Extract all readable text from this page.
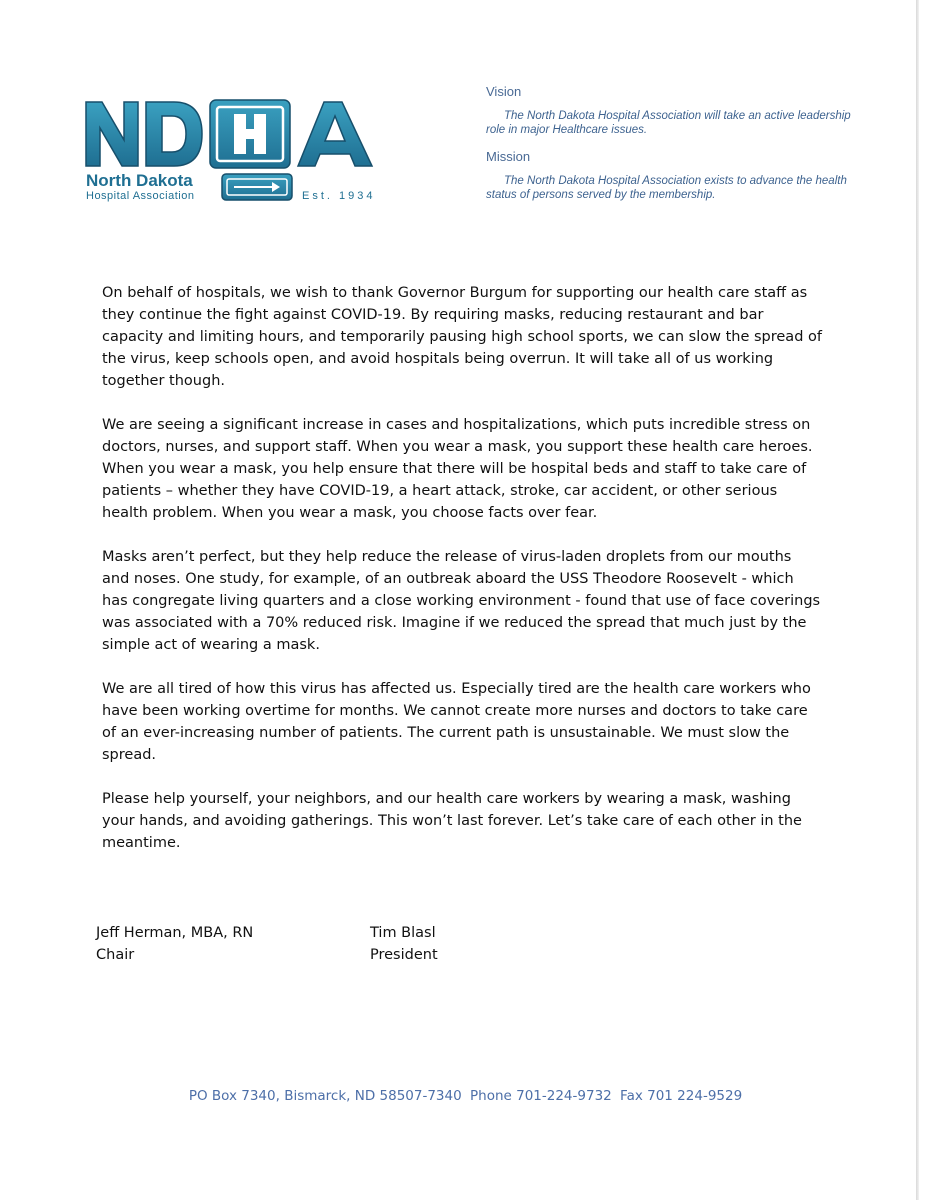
North Dakota
Hospital Association	Est. 1934
Vision
The North Dakota Hospital Association will take an active leadership role in major Healthcare issues.
Mission
The North Dakota Hospital Association exists to advance the health status of persons served by the membership.

On behalf of hospitals, we wish to thank Governor Burgum for supporting our health care staff as they continue the fight against COVID-19. By requiring masks, reducing restaurant and bar capacity and limiting hours, and temporarily pausing high school sports, we can slow the spread of the virus, keep schools open, and avoid hospitals being overrun. It will take all of us working together though.

We are seeing a significant increase in cases and hospitalizations, which puts incredible stress on doctors, nurses, and support staff. When you wear a mask, you support these health care heroes. When you wear a mask, you help ensure that there will be hospital beds and staff to take care of patients – whether they have COVID-19, a heart attack, stroke, car accident, or other serious health problem. When you wear a mask, you choose facts over fear.

Masks aren’t perfect, but they help reduce the release of virus-laden droplets from our mouths and noses. One study, for example, of an outbreak aboard the USS Theodore Roosevelt - which has congregate living quarters and a close working environment - found that use of face coverings was associated with a 70% reduced risk. Imagine if we reduced the spread that much just by the simple act of wearing a mask.

We are all tired of how this virus has affected us. Especially tired are the health care workers who have been working overtime for months. We cannot create more nurses and doctors to take care of an ever-increasing number of patients. The current path is unsustainable. We must slow the spread.

Please help yourself, your neighbors, and our health care workers by wearing a mask, washing your hands, and avoiding gatherings. This won’t last forever. Let’s take care of each other in the meantime.

Jeff Herman, MBA, RN
Chair
Tim Blasl
President
PO Box 7340, Bismarck, ND 58507-7340 Phone 701-224-9732 Fax 701 224-9529
